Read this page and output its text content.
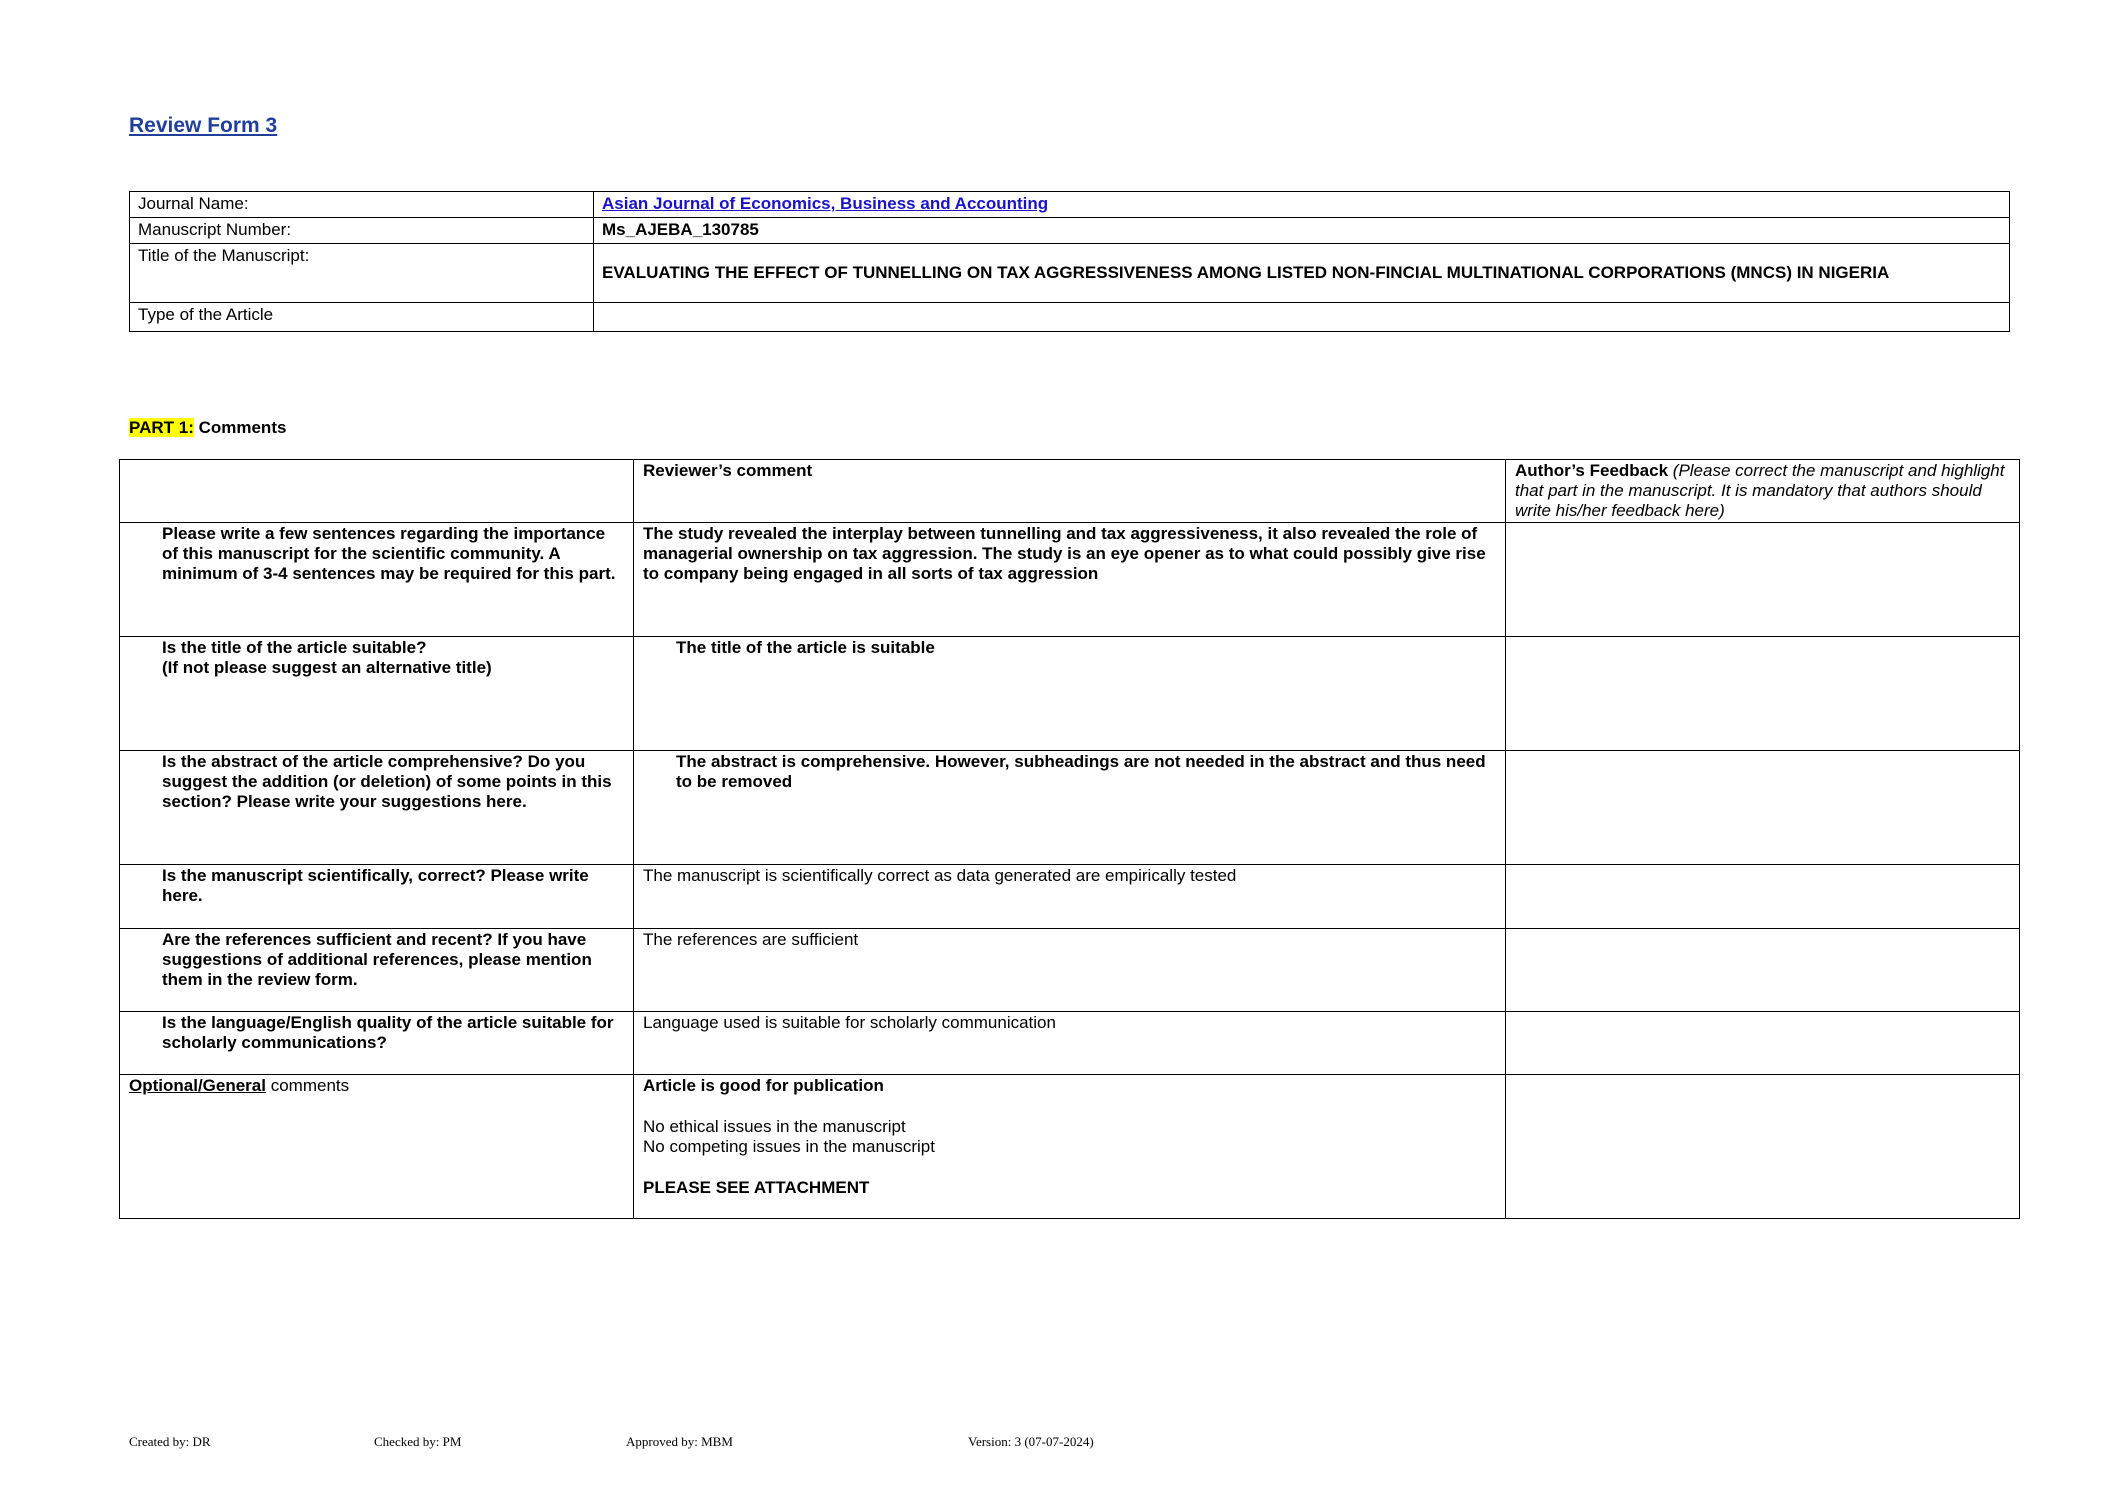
Review Form 3
Journal Name:	Asian Journal of Economics, Business and Accounting
Manuscript Number:	Ms_AJEBA_130785
Title of the Manuscript:	EVALUATING THE EFFECT OF TUNNELLING ON TAX AGGRESSIVENESS AMONG LISTED NON-FINCIAL MULTINATIONAL CORPORATIONS (MNCS) IN NIGERIA
Type of the Article	
PART 1: Comments
	Reviewer’s comment	Author’s Feedback (Please correct the manuscript and highlight that part in the manuscript. It is mandatory that authors should write his/her feedback here)
Please write a few sentences regarding the importance of this manuscript for the scientific community. A minimum of 3-4 sentences may be required for this part.	The study revealed the interplay between tunnelling and tax aggressiveness, it also revealed the role of managerial ownership on tax aggression. The study is an eye opener as to what could possibly give rise to company being engaged in all sorts of tax aggression	

Is the title of the article suitable?

(If not please suggest an alternative title)	The title of the article is suitable	
Is the abstract of the article comprehensive? Do you suggest the addition (or deletion) of some points in this section? Please write your suggestions here.	The abstract is comprehensive. However, subheadings are not needed in the abstract and thus need to be removed	
Is the manuscript scientifically, correct? Please write here.	The manuscript is scientifically correct as data generated are empirically tested	
Are the references sufficient and recent? If you have suggestions of additional references, please mention them in the review form.	The references are sufficient	
Is the language/English quality of the article suitable for scholarly communications?	Language used is suitable for scholarly communication	
Optional/General comments	Article is good for publication

No ethical issues in the manuscript

No competing issues in the manuscript

PLEASE SEE ATTACHMENT	

Created by: DR	Checked by: PM	Approved by: MBM	Version: 3 (07-07-2024)
